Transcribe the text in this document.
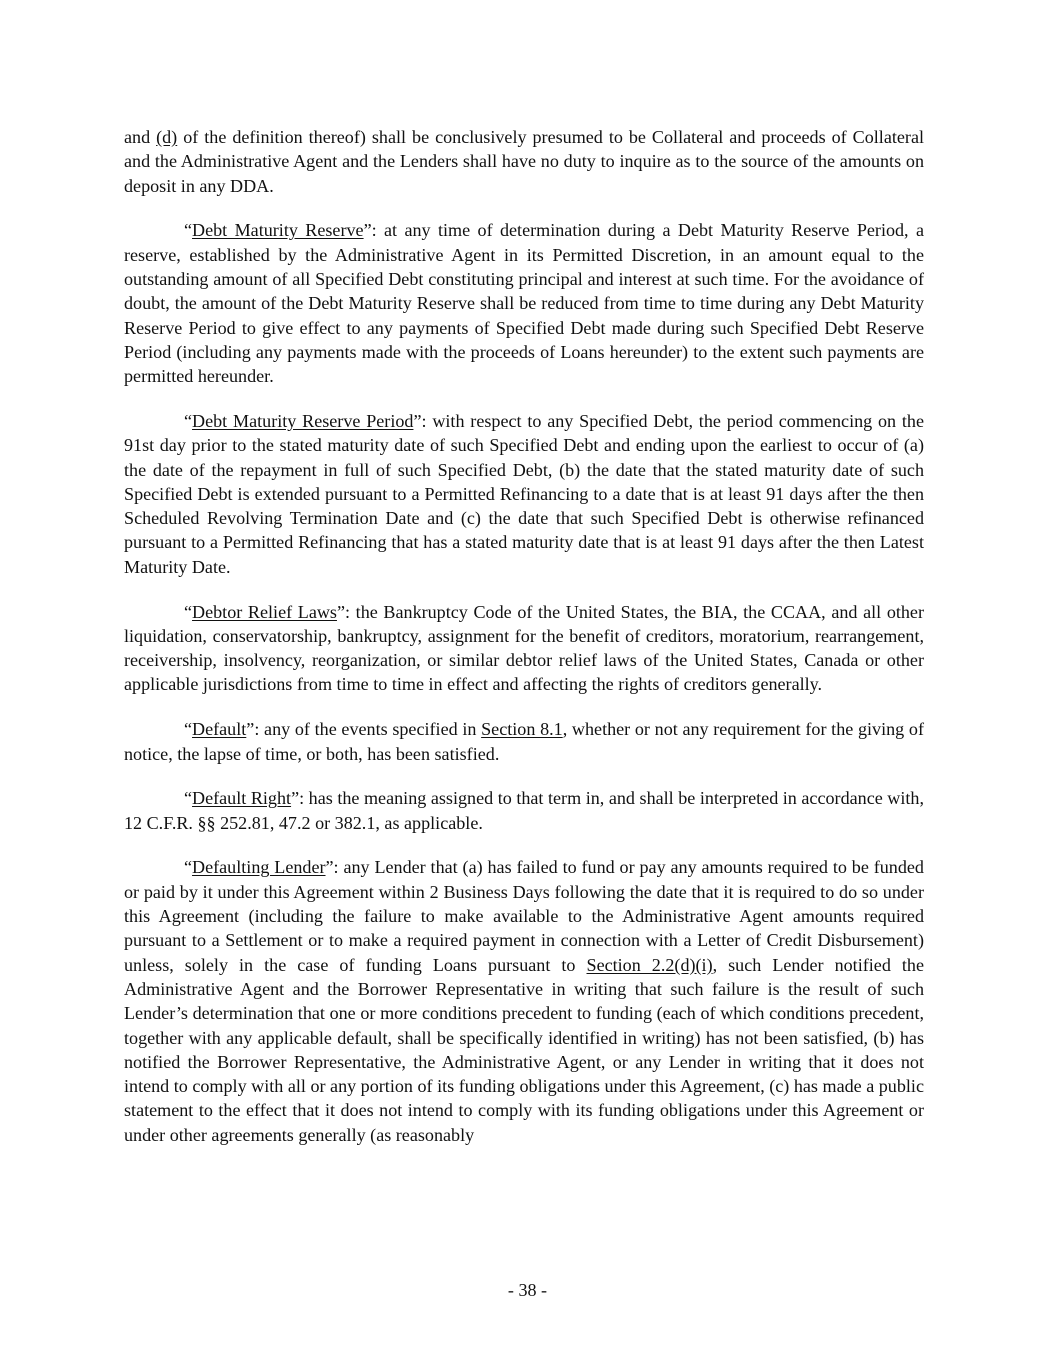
and (d) of the definition thereof) shall be conclusively presumed to be Collateral and proceeds of Collateral and the Administrative Agent and the Lenders shall have no duty to inquire as to the source of the amounts on deposit in any DDA.

“Debt Maturity Reserve”: at any time of determination during a Debt Maturity Reserve Period, a reserve, established by the Administrative Agent in its Permitted Discretion, in an amount equal to the outstanding amount of all Specified Debt constituting principal and interest at such time. For the avoidance of doubt, the amount of the Debt Maturity Reserve shall be reduced from time to time during any Debt Maturity Reserve Period to give effect to any payments of Specified Debt made during such Specified Debt Reserve Period (including any payments made with the proceeds of Loans hereunder) to the extent such payments are permitted hereunder.

“Debt Maturity Reserve Period”: with respect to any Specified Debt, the period commencing on the 91st day prior to the stated maturity date of such Specified Debt and ending upon the earliest to occur of (a) the date of the repayment in full of such Specified Debt, (b) the date that the stated maturity date of such Specified Debt is extended pursuant to a Permitted Refinancing to a date that is at least 91 days after the then Scheduled Revolving Termination Date and (c) the date that such Specified Debt is otherwise refinanced pursuant to a Permitted Refinancing that has a stated maturity date that is at least 91 days after the then Latest Maturity Date.

“Debtor Relief Laws”: the Bankruptcy Code of the United States, the BIA, the CCAA, and all other liquidation, conservatorship, bankruptcy, assignment for the benefit of creditors, moratorium, rearrangement, receivership, insolvency, reorganization, or similar debtor relief laws of the United States, Canada or other applicable jurisdictions from time to time in effect and affecting the rights of creditors generally.

“Default”: any of the events specified in Section 8.1, whether or not any requirement for the giving of notice, the lapse of time, or both, has been satisfied.

“Default Right”: has the meaning assigned to that term in, and shall be interpreted in accordance with, 12 C.F.R. §§ 252.81, 47.2 or 382.1, as applicable.

“Defaulting Lender”: any Lender that (a) has failed to fund or pay any amounts required to be funded or paid by it under this Agreement within 2 Business Days following the date that it is required to do so under this Agreement (including the failure to make available to the Administrative Agent amounts required pursuant to a Settlement or to make a required payment in connection with a Letter of Credit Disbursement) unless, solely in the case of funding Loans pursuant to Section 2.2(d)(i), such Lender notified the Administrative Agent and the Borrower Representative in writing that such failure is the result of such Lender’s determination that one or more conditions precedent to funding (each of which conditions precedent, together with any applicable default, shall be specifically identified in writing) has not been satisfied, (b) has notified the Borrower Representative, the Administrative Agent, or any Lender in writing that it does not intend to comply with all or any portion of its funding obligations under this Agreement, (c) has made a public statement to the effect that it does not intend to comply with its funding obligations under this Agreement or under other agreements generally (as reasonably

- 38 -
